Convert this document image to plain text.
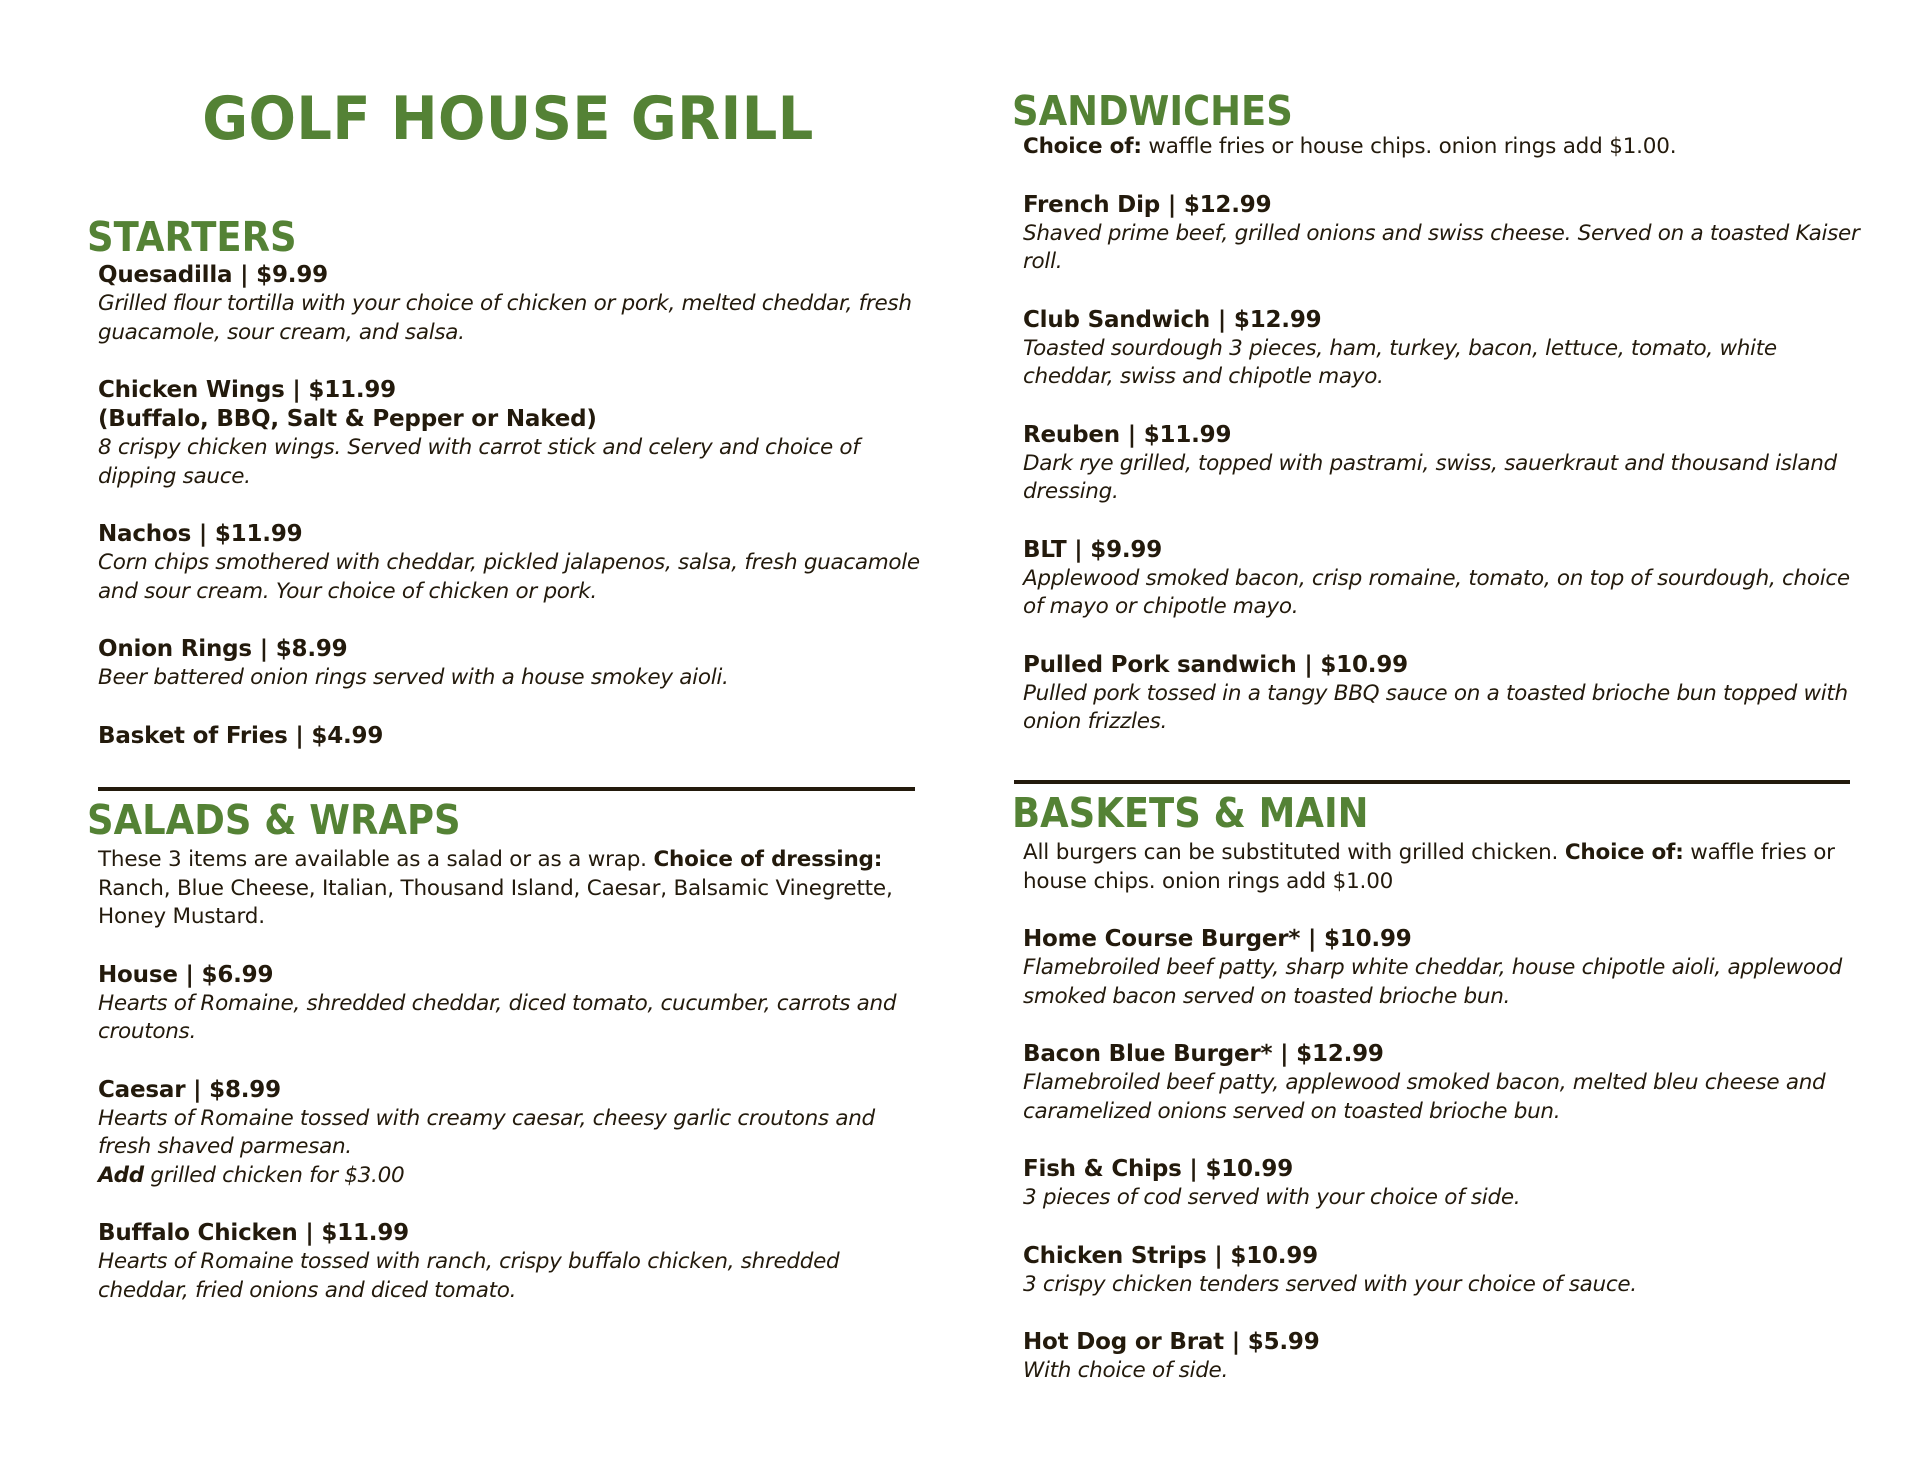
GOLF HOUSE GRILL
STARTERS
Quesadilla | $9.99
Grilled flour tortilla with your choice of chicken or pork, melted cheddar, fresh guacamole, sour cream, and salsa.
Chicken Wings | $11.99
(Buffalo, BBQ, Salt & Pepper or Naked)
8 crispy chicken wings. Served with carrot stick and celery and choice of dipping sauce.
Nachos | $11.99
Corn chips smothered with cheddar, pickled jalapenos, salsa, fresh guacamole and sour cream. Your choice of chicken or pork.
Onion Rings | $8.99
Beer battered onion rings served with a house smokey aioli.
Basket of Fries | $4.99
SALADS & WRAPS
These 3 items are available as a salad or as a wrap. Choice of dressing: Ranch, Blue Cheese, Italian, Thousand Island, Caesar, Balsamic Vinegrette, Honey Mustard.
House | $6.99
Hearts of Romaine, shredded cheddar, diced tomato, cucumber, carrots and croutons.
Caesar | $8.99
Hearts of Romaine tossed with creamy caesar, cheesy garlic croutons and fresh shaved parmesan.
Add grilled chicken for $3.00
Buffalo Chicken | $11.99
Hearts of Romaine tossed with ranch, crispy buffalo chicken, shredded cheddar, fried onions and diced tomato.
SANDWICHES
Choice of: waffle fries or house chips. onion rings add $1.00.
French Dip | $12.99
Shaved prime beef, grilled onions and swiss cheese. Served on a toasted Kaiser roll.
Club Sandwich | $12.99
Toasted sourdough 3 pieces, ham, turkey, bacon, lettuce, tomato, white cheddar, swiss and chipotle mayo.
Reuben | $11.99
Dark rye grilled, topped with pastrami, swiss, sauerkraut and thousand island dressing.
BLT | $9.99
Applewood smoked bacon, crisp romaine, tomato, on top of sourdough, choice of mayo or chipotle mayo.
Pulled Pork sandwich | $10.99
Pulled pork tossed in a tangy BBQ sauce on a toasted brioche bun topped with onion frizzles.
BASKETS & MAIN
All burgers can be substituted with grilled chicken. Choice of: waffle fries or house chips. onion rings add $1.00
Home Course Burger* | $10.99
Flamebroiled beef patty, sharp white cheddar, house chipotle aioli, applewood smoked bacon served on toasted brioche bun.
Bacon Blue Burger* | $12.99
Flamebroiled beef patty, applewood smoked bacon, melted bleu cheese and caramelized onions served on toasted brioche bun.
Fish & Chips | $10.99
3 pieces of cod served with your choice of side.
Chicken Strips | $10.99
3 crispy chicken tenders served with your choice of sauce.
Hot Dog or Brat | $5.99
With choice of side.
